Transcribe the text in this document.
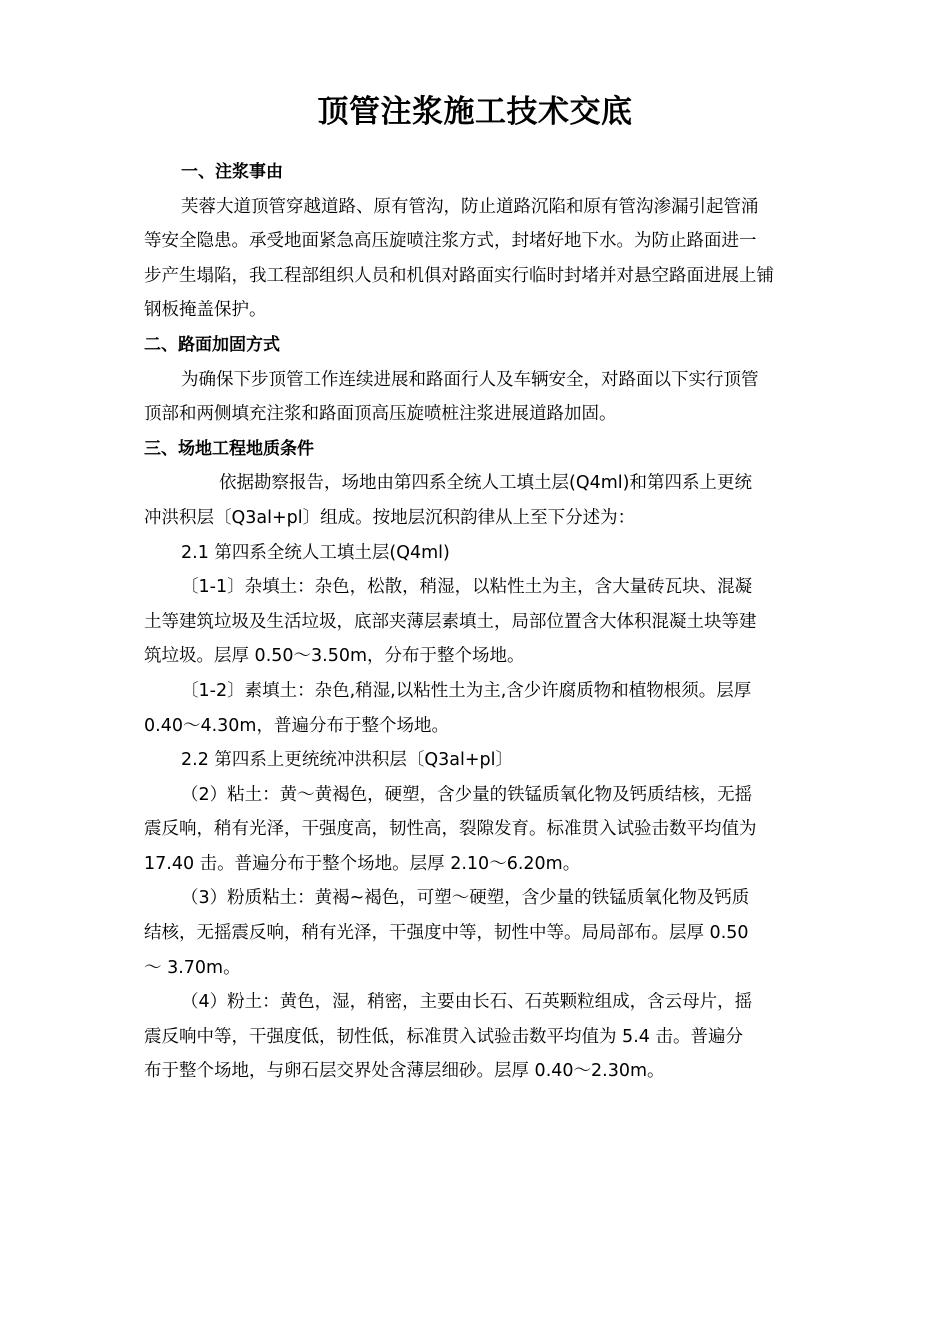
顶管注浆施工技术交底
一、注浆事由
芙蓉大道顶管穿越道路、原有管沟，防止道路沉陷和原有管沟渗漏引起管涌
等安全隐患。承受地面紧急高压旋喷注浆方式，封堵好地下水。为防止路面进一
步产生塌陷，我工程部组织人员和机俱对路面实行临时封堵并对悬空路面进展上铺
钢板掩盖保护。
二、路面加固方式
为确保下步顶管工作连续进展和路面行人及车辆安全，对路面以下实行顶管
顶部和两侧填充注浆和路面顶高压旋喷桩注浆进展道路加固。
三、场地工程地质条件
依据勘察报告，场地由第四系全统人工填土层(Q4ml)和第四系上更统
冲洪积层〔Q3al+pl〕组成。按地层沉积韵律从上至下分述为：
2.1 第四系全统人工填土层(Q4ml)
〔1-1〕杂填土：杂色，松散，稍湿，以粘性土为主，含大量砖瓦块、混凝
土等建筑垃圾及生活垃圾，底部夹薄层素填土，局部位置含大体积混凝土块等建
筑垃圾。层厚 0.50～3.50m，分布于整个场地。
〔1-2〕素填土：杂色,稍湿,以粘性土为主,含少许腐质物和植物根须。层厚
0.40～4.30m，普遍分布于整个场地。
2.2 第四系上更统统冲洪积层〔Q3al+pl〕
（2）粘土：黄～黄褐色，硬塑，含少量的铁锰质氧化物及钙质结核，无摇
震反响，稍有光泽，干强度高，韧性高，裂隙发育。标准贯入试验击数平均值为
17.40 击。普遍分布于整个场地。层厚 2.10～6.20m。
（3）粉质粘土：黄褐~褐色，可塑～硬塑，含少量的铁锰质氧化物及钙质
结核，无摇震反响，稍有光泽，干强度中等，韧性中等。局局部布。层厚 0.50
～ 3.70m。
（4）粉土：黄色，湿，稍密，主要由长石、石英颗粒组成，含云母片，摇
震反响中等，干强度低，韧性低，标准贯入试验击数平均值为 5.4 击。普遍分
布于整个场地，与卵石层交界处含薄层细砂。层厚 0.40～2.30m。
